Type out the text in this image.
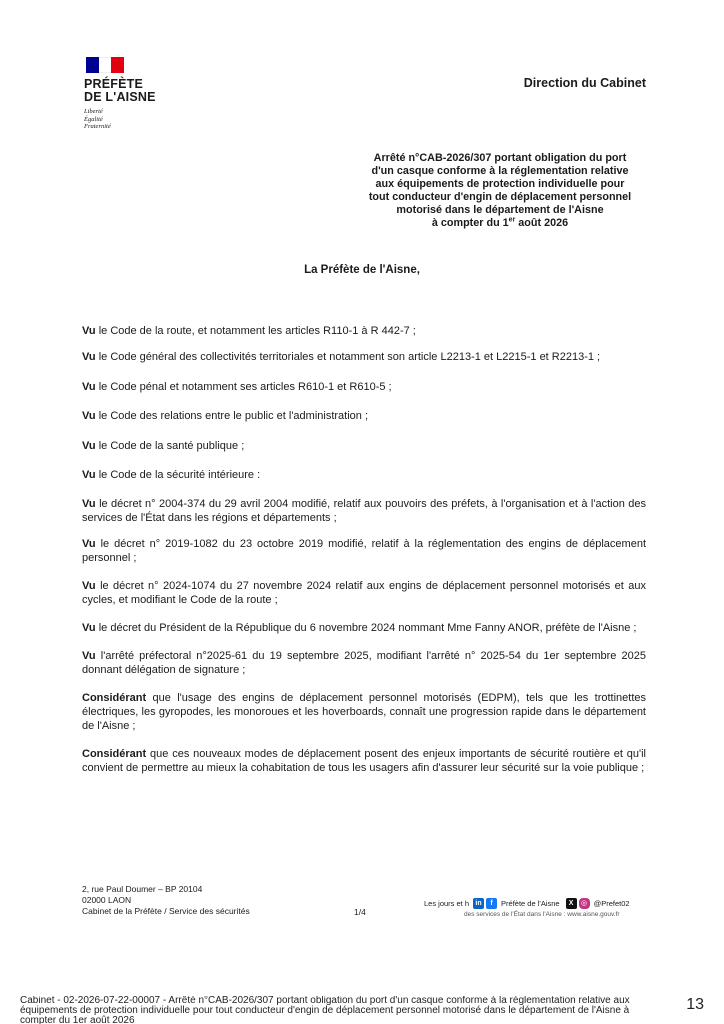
PRÉFÈTE
DE L'AISNE
Liberté
Égalité
Fraternité
Direction du Cabinet
Arrêté n°CAB-2026/307 portant obligation du port
d'un casque conforme à la réglementation relative
aux équipements de protection individuelle pour
tout conducteur d'engin de déplacement personnel
motorisé dans le département de l'Aisne
à compter du 1er août 2026
La Préfète de l'Aisne,

Vu le Code de la route, et notamment les articles R110-1 à R 442-7 ;

Vu le Code général des collectivités territoriales et notamment son article L2213-1 et L2215-1 et R2213-1 ;

Vu le Code pénal et notamment ses articles R610-1 et R610-5 ;

Vu le Code des relations entre le public et l'administration ;

Vu le Code de la santé publique ;

Vu le Code de la sécurité intérieure :

Vu le décret n° 2004-374 du 29 avril 2004 modifié, relatif aux pouvoirs des préfets, à l'organisation et à l'action des services de l'État dans les régions et départements ;

Vu le décret n° 2019-1082 du 23 octobre 2019 modifié, relatif à la réglementation des engins de déplacement personnel ;

Vu le décret n° 2024-1074 du 27 novembre 2024 relatif aux engins de déplacement personnel motorisés et aux cycles, et modifiant le Code de la route ;

Vu le décret du Président de la République du 6 novembre 2024 nommant Mme Fanny ANOR, préfète de l'Aisne ;

Vu l'arrêté préfectoral n°2025-61 du 19 septembre 2025, modifiant l'arrêté n° 2025-54 du 1er septembre 2025 donnant délégation de signature ;

Considérant que l'usage des engins de déplacement personnel motorisés (EDPM), tels que les trottinettes électriques, les gyropodes, les monoroues et les hoverboards, connaît une progression rapide dans le département de l'Aisne ;

Considérant que ces nouveaux modes de déplacement posent des enjeux importants de sécurité routière et qu'il convient de permettre au mieux la cohabitation de tous les usagers afin d'assurer leur sécurité sur la voie publique ;

2, rue Paul Doumer – BP 20104
02000 LAON
Cabinet de la Préfète / Service des sécurités	1/4
Les jours et h in	f	Préfète de l'Aisne	X	◎ @Prefet02
des services de l'État dans l'Aisne : www.aisne.gouv.fr
Cabinet - 02-2026-07-22-00007 - Arrêté n°CAB-2026/307 portant obligation du port d'un casque conforme à la réglementation relative aux équipements de protection individuelle pour tout conducteur d'engin de déplacement personnel motorisé dans le département de l'Aisne à compter du 1er août 2026
13
